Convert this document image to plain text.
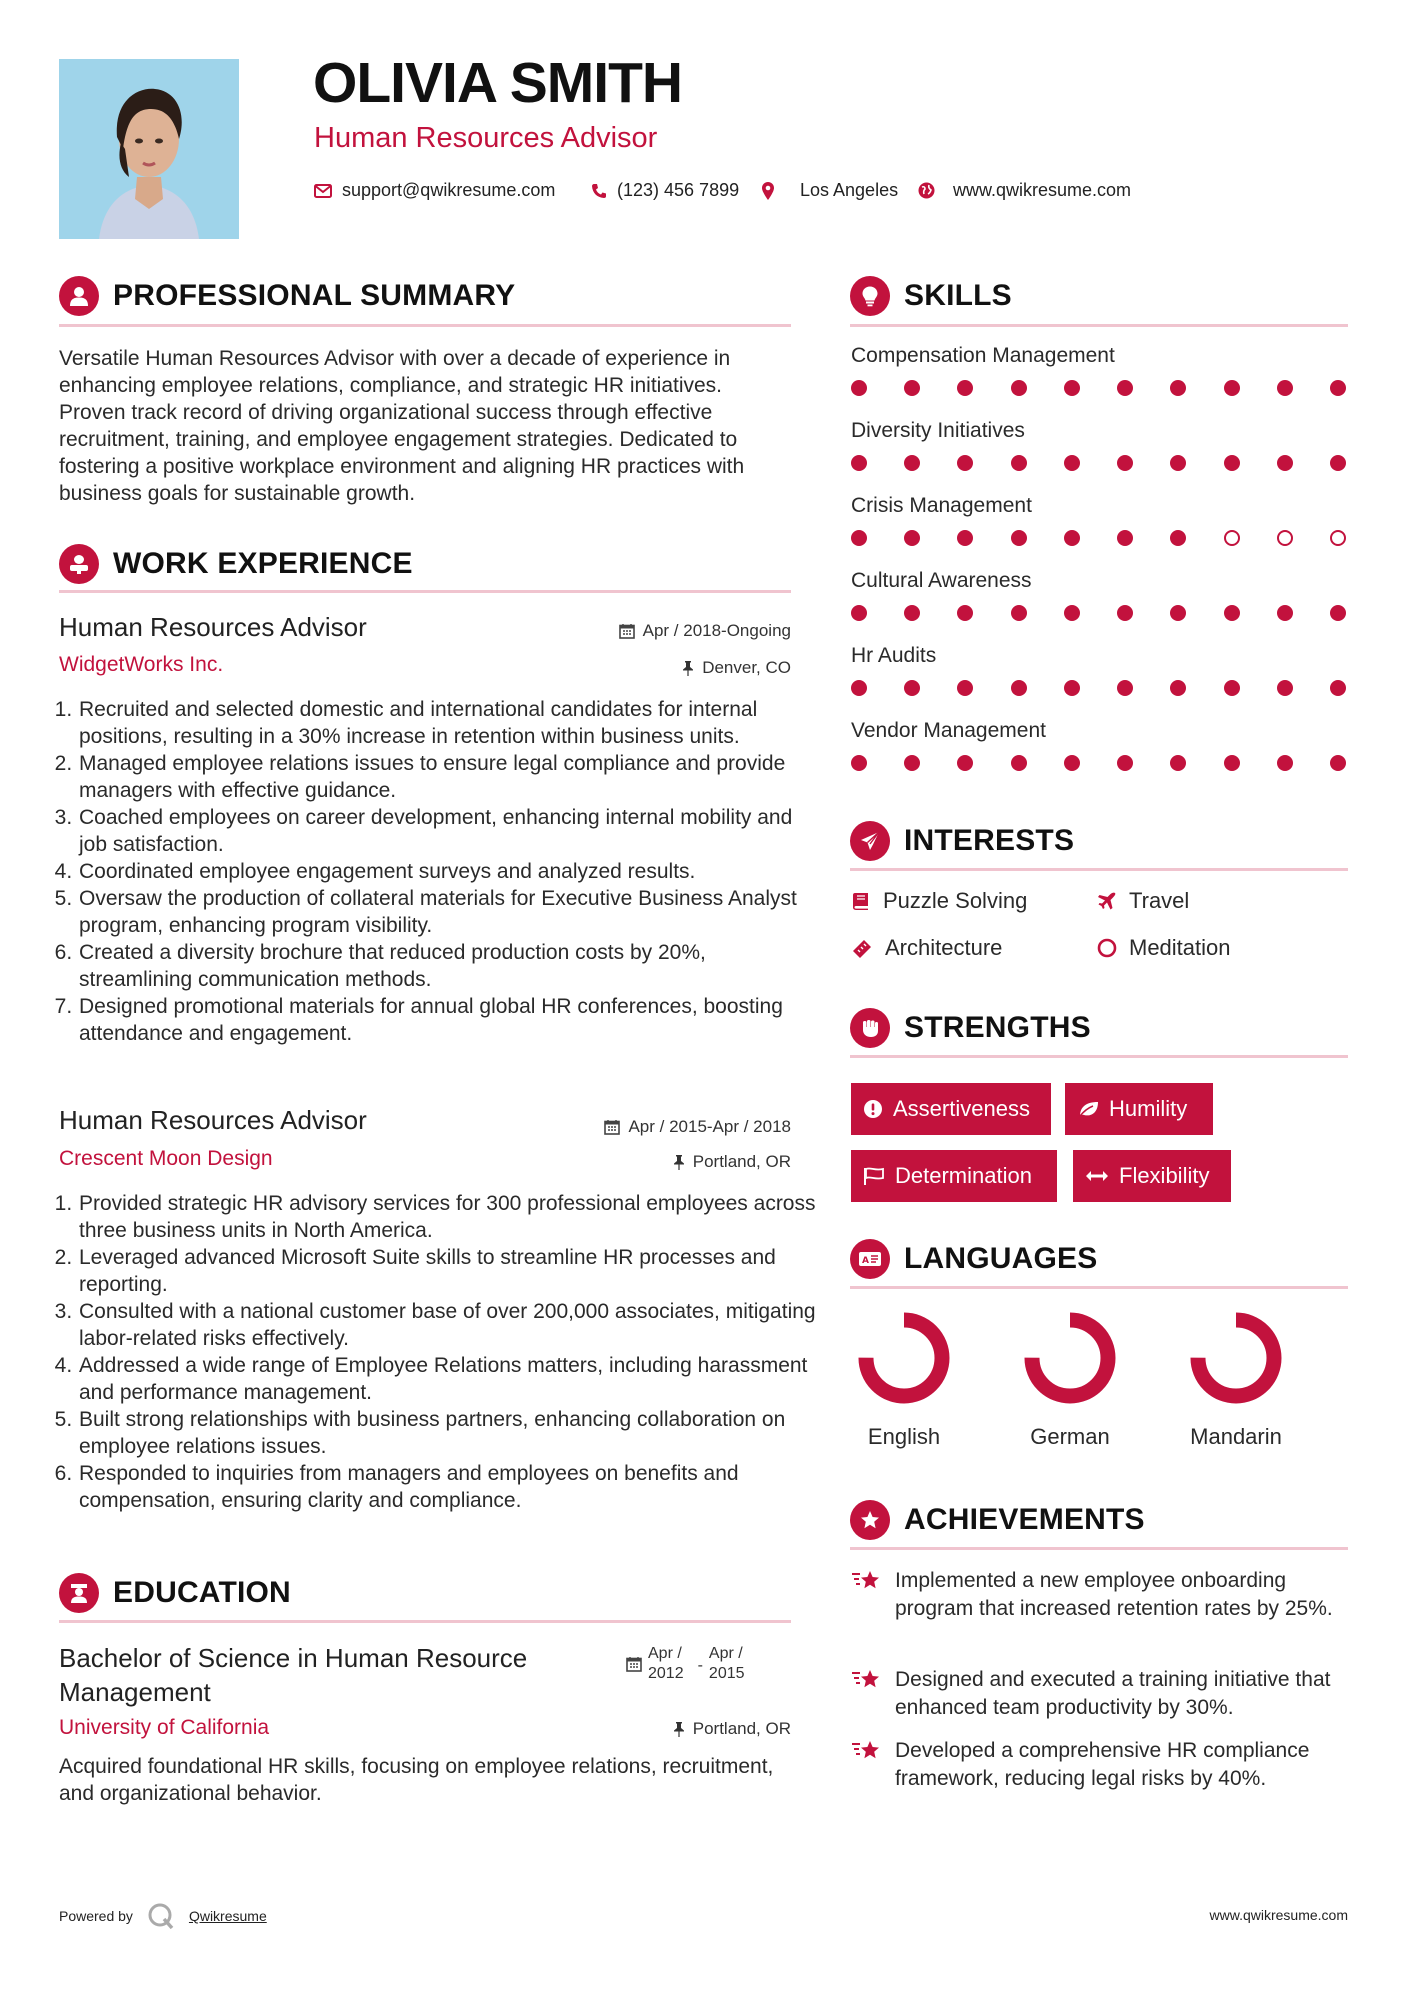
OLIVIA SMITH
Human Resources Advisor
support@qwikresume.com	(123) 456 7899	Los Angeles	www.qwikresume.com
PROFESSIONAL SUMMARY
Versatile Human Resources Advisor with over a decade of experience in enhancing employee relations, compliance, and strategic HR initiatives. Proven track record of driving organizational success through effective recruitment, training, and employee engagement strategies. Dedicated to fostering a positive workplace environment and aligning HR practices with business goals for sustainable growth.
WORK EXPERIENCE
Human Resources Advisor	Apr / 2018-Ongoing
WidgetWorks Inc.	Denver, CO
1. Recruited and selected domestic and international candidates for internal positions, resulting in a 30% increase in retention within business units.
2. Managed employee relations issues to ensure legal compliance and provide managers with effective guidance.
3. Coached employees on career development, enhancing internal mobility and job satisfaction.
4. Coordinated employee engagement surveys and analyzed results.
5. Oversaw the production of collateral materials for Executive Business Analyst program, enhancing program visibility.
6. Created a diversity brochure that reduced production costs by 20%, streamlining communication methods.
7. Designed promotional materials for annual global HR conferences, boosting attendance and engagement.
Human Resources Advisor	Apr / 2015-Apr / 2018
Crescent Moon Design	Portland, OR
1. Provided strategic HR advisory services for 300 professional employees across three business units in North America.
2. Leveraged advanced Microsoft Suite skills to streamline HR processes and reporting.
3. Consulted with a national customer base of over 200,000 associates, mitigating labor-related risks effectively.
4. Addressed a wide range of Employee Relations matters, including harassment and performance management.
5. Built strong relationships with business partners, enhancing collaboration on employee relations issues.
6. Responded to inquiries from managers and employees on benefits and compensation, ensuring clarity and compliance.
EDUCATION
Bachelor of Science in Human Resource Management
Apr /
2012 -
Apr /
2015
University of California	Portland, OR
Acquired foundational HR skills, focusing on employee relations, recruitment, and organizational behavior.
SKILLS
Compensation Management
Diversity Initiatives
Crisis Management
Cultural Awareness
Hr Audits
Vendor Management
INTERESTS
Puzzle Solving	Travel
Architecture	Meditation
STRENGTHS
Assertiveness	Humility
Determination	Flexibility
A LANGUAGES
English	German	Mandarin
ACHIEVEMENTS
Implemented a new employee onboarding program that increased retention rates by 25%.
Designed and executed a training initiative that enhanced team productivity by 30%.
Developed a comprehensive HR compliance framework, reducing legal risks by 40%.
Powered by	Qwikresume	www.qwikresume.com
